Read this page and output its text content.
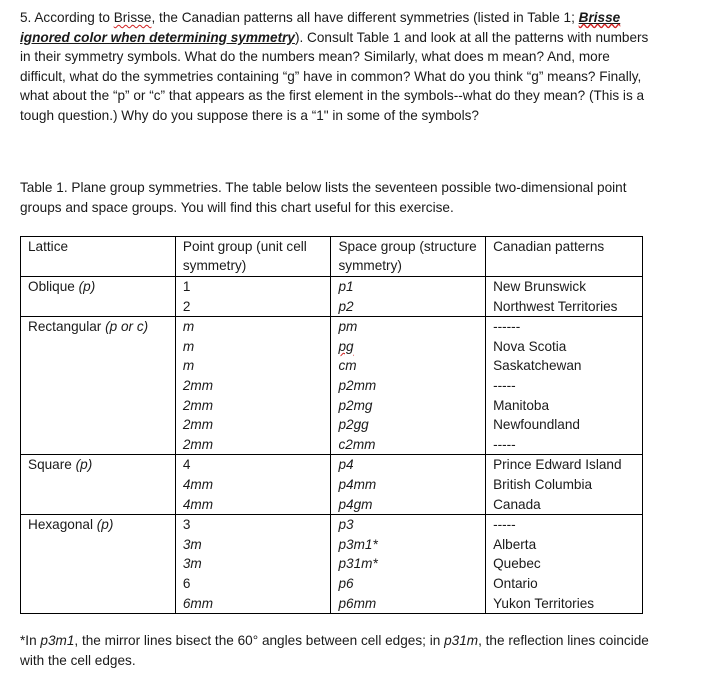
5. According to Brisse, the Canadian patterns all have different symmetries (listed in Table 1; Brisse ignored color when determining symmetry). Consult Table 1 and look at all the patterns with numbers in their symmetry symbols. What do the numbers mean? Similarly, what does m mean? And, more difficult, what do the symmetries containing “g” have in common? What do you think “g” means? Finally, what about the “p” or “c” that appears as the first element in the symbols--what do they mean? (This is a tough question.) Why do you suppose there is a “1" in some of the symbols?

Table 1. Plane group symmetries. The table below lists the seventeen possible two-dimensional point groups and space groups. You will find this chart useful for this exercise.

Lattice	Point group (unit cell symmetry)	Space group (structure symmetry)	Canadian patterns
Oblique (p)	1	p1	New Brunswick
	2	p2	Northwest Territories
Rectangular (p or c)	m	pm	------
	m	pg	Nova Scotia
	m	cm	Saskatchewan
	2mm	p2mm	-----
	2mm	p2mg	Manitoba
	2mm	p2gg	Newfoundland
	2mm	c2mm	-----
Square (p)	4	p4	Prince Edward Island
	4mm	p4mm	British Columbia
	4mm	p4gm	Canada
Hexagonal (p)	3	p3	-----
	3m	p3m1*	Alberta
	3m	p31m*	Quebec
	6	p6	Ontario
	6mm	p6mm	Yukon Territories

*In p3m1, the mirror lines bisect the 60° angles between cell edges; in p31m, the reflection lines coincide with the cell edges.
